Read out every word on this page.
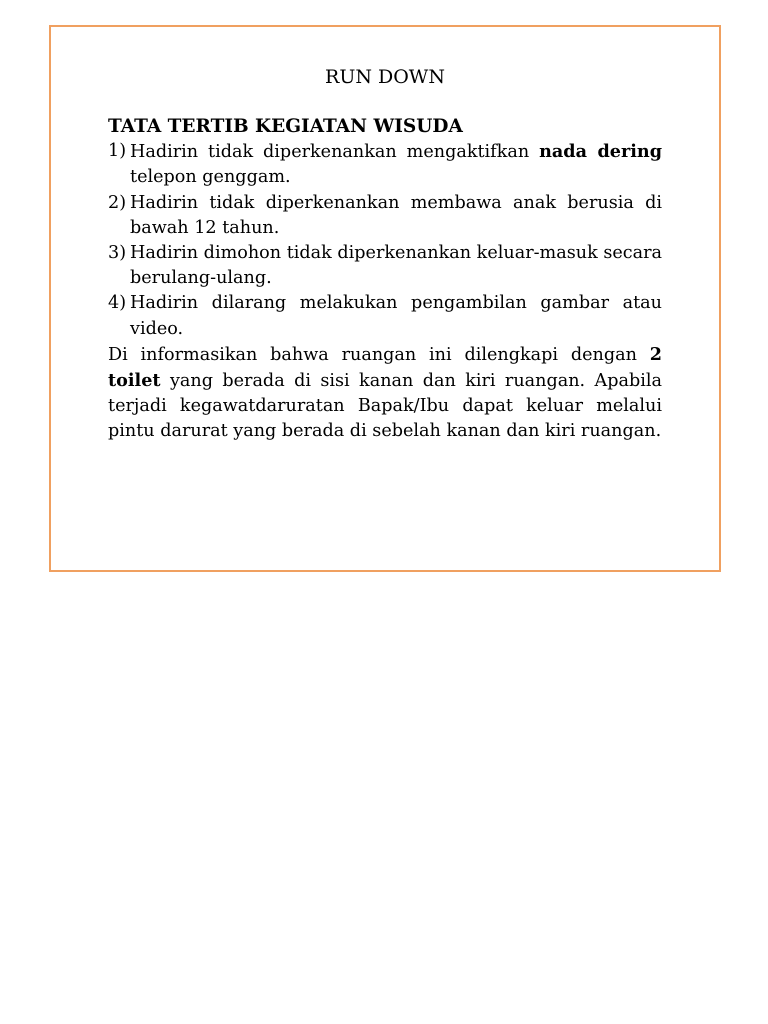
RUN DOWN
TATA TERTIB KEGIATAN WISUDA
1) Hadirin tidak diperkenankan mengaktifkan nada dering telepon genggam.
2) Hadirin tidak diperkenankan membawa anak berusia di bawah 12 tahun.
3) Hadirin dimohon tidak diperkenankan keluar-masuk secara berulang-ulang.
4) Hadirin dilarang melakukan pengambilan gambar atau video.

Di informasikan bahwa ruangan ini dilengkapi dengan 2 toilet yang berada di sisi kanan dan kiri ruangan. Apabila terjadi kegawatdaruratan Bapak/Ibu dapat keluar melalui pintu darurat yang berada di sebelah kanan dan kiri ruangan.
